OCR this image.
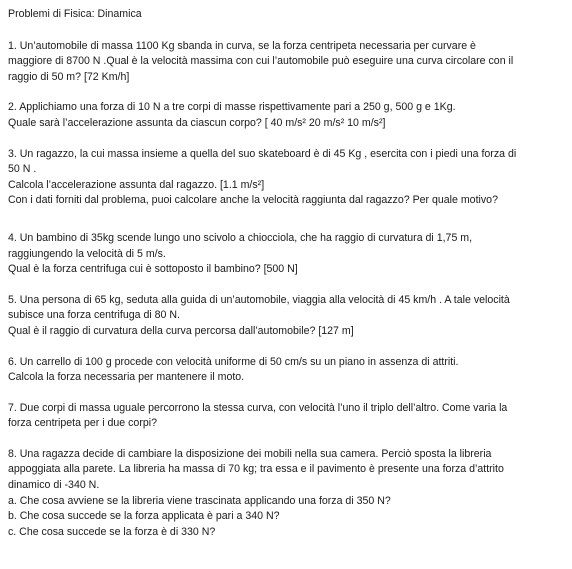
Problemi di Fisica: Dinamica

1. Un’automobile di massa 1100 Kg sbanda in curva, se la forza centripeta necessaria per curvare è
maggiore di 8700 N .Qual è la velocità massima con cui l’automobile può eseguire una curva circolare con il
raggio di 50 m? [72 Km/h]

2. Applichiamo una forza di 10 N a tre corpi di masse rispettivamente pari a 250 g, 500 g e 1Kg.
Quale sarà l’accelerazione assunta da ciascun corpo? [ 40 m/s² 20 m/s² 10 m/s²]

3. Un ragazzo, la cui massa insieme a quella del suo skateboard è di 45 Kg , esercita con i piedi una forza di
50 N .
Calcola l’accelerazione assunta dal ragazzo. [1.1 m/s²]
Con i dati forniti dal problema, puoi calcolare anche la velocità raggiunta dal ragazzo? Per quale motivo?

4. Un bambino di 35kg scende lungo uno scivolo a chiocciola, che ha raggio di curvatura di 1,75 m,
raggiungendo la velocità di 5 m/s.
Qual è la forza centrifuga cui è sottoposto il bambino? [500 N]

5. Una persona di 65 kg, seduta alla guida di un’automobile, viaggia alla velocità di 45 km/h . A tale velocità
subisce una forza centrifuga di 80 N.
Qual è il raggio di curvatura della curva percorsa dall’automobile? [127 m]

6. Un carrello di 100 g procede con velocità uniforme di 50 cm/s su un piano in assenza di attriti.
Calcola la forza necessaria per mantenere il moto.

7. Due corpi di massa uguale percorrono la stessa curva, con velocità l’uno il triplo dell’altro. Come varia la
forza centripeta per i due corpi?

8. Una ragazza decide di cambiare la disposizione dei mobili nella sua camera. Perciò sposta la libreria
appoggiata alla parete. La libreria ha massa di 70 kg; tra essa e il pavimento è presente una forza d’attrito
dinamico di -340 N.
a. Che cosa avviene se la libreria viene trascinata applicando una forza di 350 N?
b. Che cosa succede se la forza applicata è pari a 340 N?
c. Che cosa succede se la forza è di 330 N?
